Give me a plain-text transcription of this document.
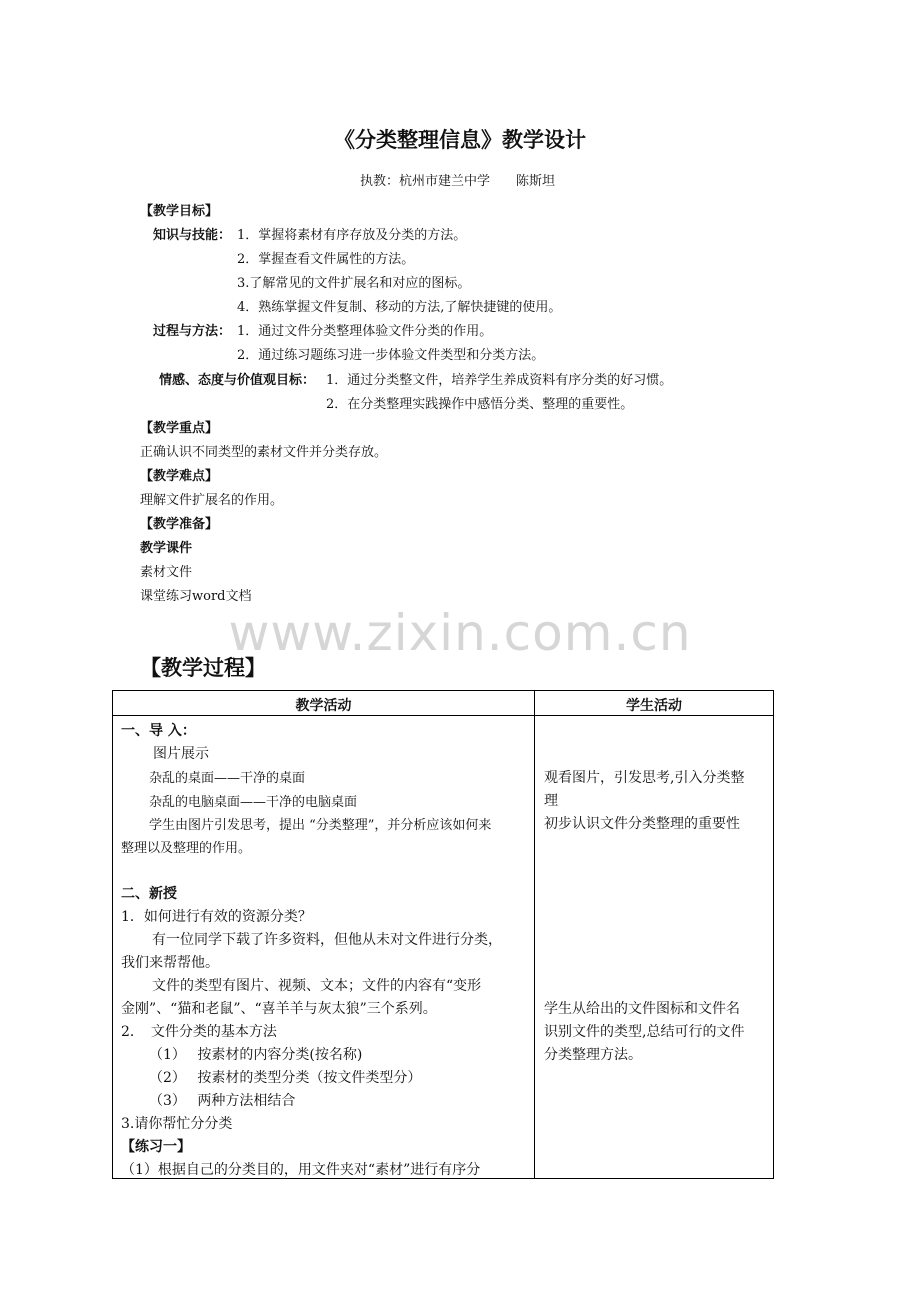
《分类整理信息》教学设计
执教：杭州市建兰中学　　陈斯坦
【教学目标】
知识与技能： 1．掌握将素材有序存放及分类的方法。
2．掌握查看文件属性的方法。
3.了解常见的文件扩展名和对应的图标。
4．熟练掌握文件复制、移动的方法,了解快捷键的使用。
过程与方法： 1．通过文件分类整理体验文件分类的作用。
2．通过练习题练习进一步体验文件类型和分类方法。
情感、态度与价值观目标： 1．通过分类整文件，培养学生养成资料有序分类的好习惯。
2．在分类整理实践操作中感悟分类、整理的重要性。
【教学重点】
正确认识不同类型的素材文件并分类存放。
【教学难点】
理解文件扩展名的作用。
【教学准备】
教学课件
素材文件
课堂练习word文档
www.zixin.com.cn
【教学过程】
教学活动	学生活动
一、导 入：
图片展示
杂乱的桌面——干净的桌面
杂乱的电脑桌面——干净的电脑桌面
学生由图片引发思考，提出 “分类整理”，并分析应该如何来
整理以及整理的作用。
二、新授
1．如何进行有效的资源分类？
有一位同学下载了许多资料，但他从未对文件进行分类，
我们来帮帮他。
文件的类型有图片、视频、文本；文件的内容有“变形
金刚”、“猫和老鼠”、“喜羊羊与灰太狼”三个系列。
2．　文件分类的基本方法
（1）　 按素材的内容分类(按名称)
（2）　 按素材的类型分类（按文件类型分）
（3）　 两种方法相结合
3.请你帮忙分分类
【练习一】
（1）根据自己的分类目的，用文件夹对“素材”进行有序分
观看图片，引发思考,引入分类整
理
初步认识文件分类整理的重要性
学生从给出的文件图标和文件名
识别文件的类型,总结可行的文件
分类整理方法。
